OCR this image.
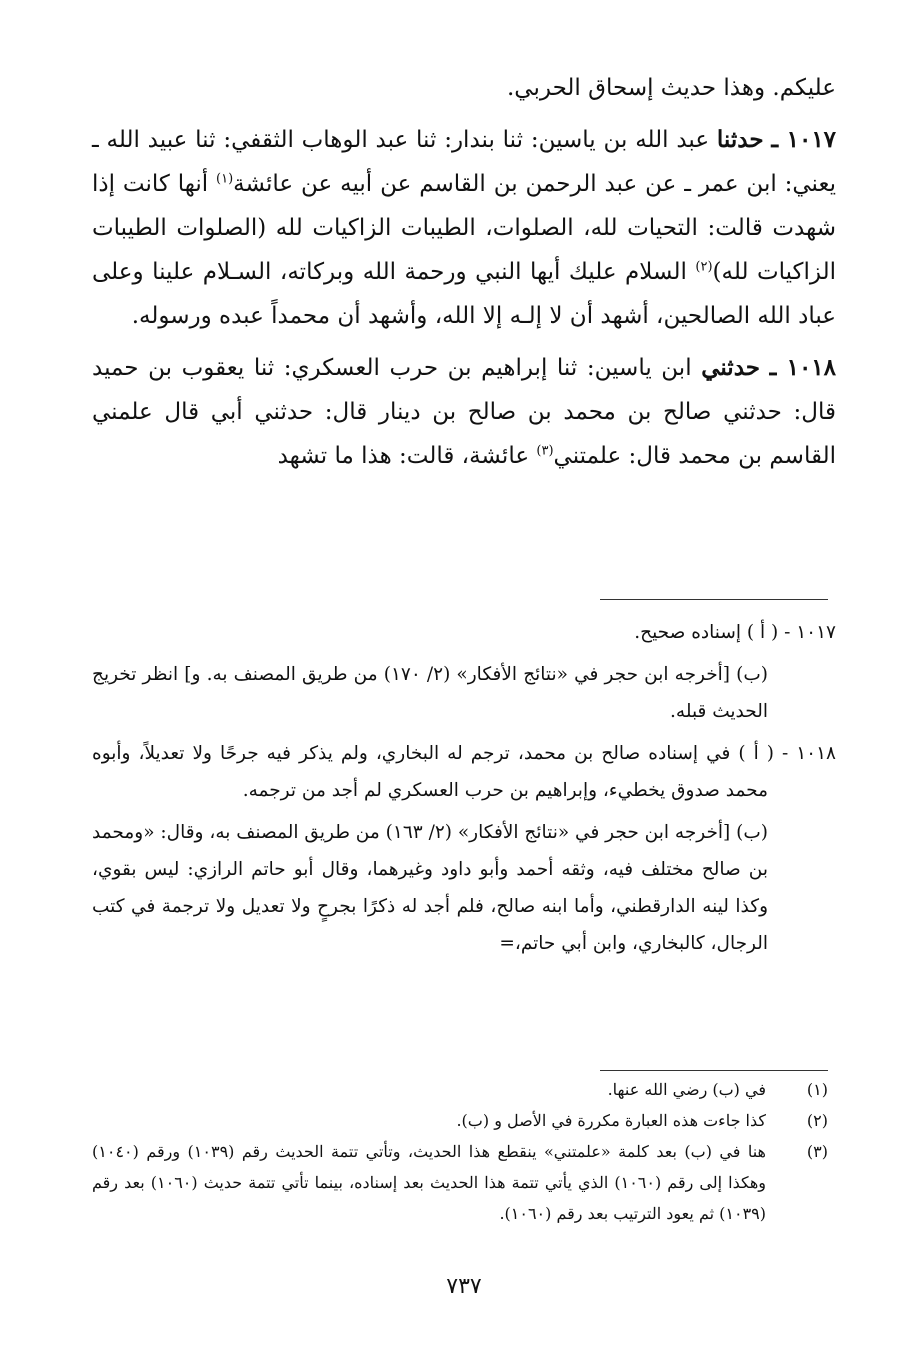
عليكم. وهذا حديث إسحاق الحربي.

١٠١٧ ـ حدثنا عبد الله بن ياسين: ثنا بندار: ثنا عبد الوهاب الثقفي: ثنا عبيد الله ـ يعني: ابن عمر ـ عن عبد الرحمن بن القاسم عن أبيه عن عائشة$^{(١)}$ أنها كانت إذا شهدت قالت: التحيات لله، الصلوات، الطيبات الزاكيات لله (الصلوات الطيبات الزاكيات لله)$^{(٢)}$ السلام عليك أيها النبي ورحمة الله وبركاته، السـلام علينا وعلى عباد الله الصالحين، أشهد أن لا إلـه إلا الله، وأشهد أن محمداً عبده ورسوله.

١٠١٨ ـ حدثني ابن ياسين: ثنا إبراهيم بن حرب العسكري: ثنا يعقوب بن حميد قال: حدثني صالح بن محمد بن صالح بن دينار قال: حدثني أبي قال علمني القاسم بن محمد قال: علمتني$^{(٣)}$ عائشة، قالت: هذا ما تشهد

١٠١٧ - ( أ ) إسناده صحيح.

(ب) [أخرجه ابن حجر في «نتائج الأفكار» (٢/ ١٧٠) من طريق المصنف به. و] انظر تخريج الحديث قبله.

١٠١٨ - ( أ ) في إسناده صالح بن محمد، ترجم له البخاري، ولم يذكر فيه جرحًا ولا تعديلاً، وأبوه محمد صدوق يخطيء، وإبراهيم بن حرب العسكري لم أجد من ترجمه.

(ب) [أخرجه ابن حجر في «نتائج الأفكار» (٢/ ١٦٣) من طريق المصنف به، وقال: «ومحمد بن صالح مختلف فيه، وثقه أحمد وأبو داود وغيرهما، وقال أبو حاتم الرازي: ليس بقوي، وكذا لينه الدارقطني، وأما ابنه صالح، فلم أجد له ذكرًا بجرحٍ ولا تعديل ولا ترجمة في كتب الرجال، كالبخاري، وابن أبي حاتم،=

(١)
في (ب) رضي الله عنها.
(٢)
كذا جاءت هذه العبارة مكررة في الأصل و (ب).
(٣)
هنا في (ب) بعد كلمة «علمتني» ينقطع هذا الحديث، وتأتي تتمة الحديث رقم (١٠٣٩) ورقم (١٠٤٠) وهكذا إلى رقم (١٠٦٠) الذي يأتي تتمة هذا الحديث بعد إسناده، بينما تأتي تتمة حديث (١٠٦٠) بعد رقم (١٠٣٩) ثم يعود الترتيب بعد رقم (١٠٦٠).
٧٣٧
